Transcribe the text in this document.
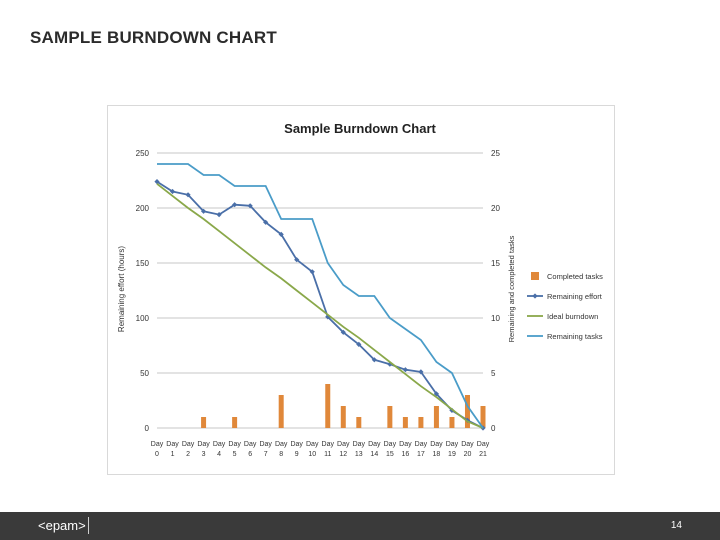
SAMPLE BURNDOWN CHART
Sample Burndown Chart
0
50
100
150
200
250
0
5
10
15
20
25
Day
0
Day
1
Day
2
Day
3
Day
4
Day
5
Day
6
Day
7
Day
8
Day
9
Day
10
Day
11
Day
12
Day
13
Day
14
Day
15
Day
16
Day
17
Day
18
Day
19
Day
20
Day
21
Remaining effort (hours)	Remaining and completed tasks	Completed tasks
Remaining effort
Ideal burndown
Remaining tasks
<epam>	14
